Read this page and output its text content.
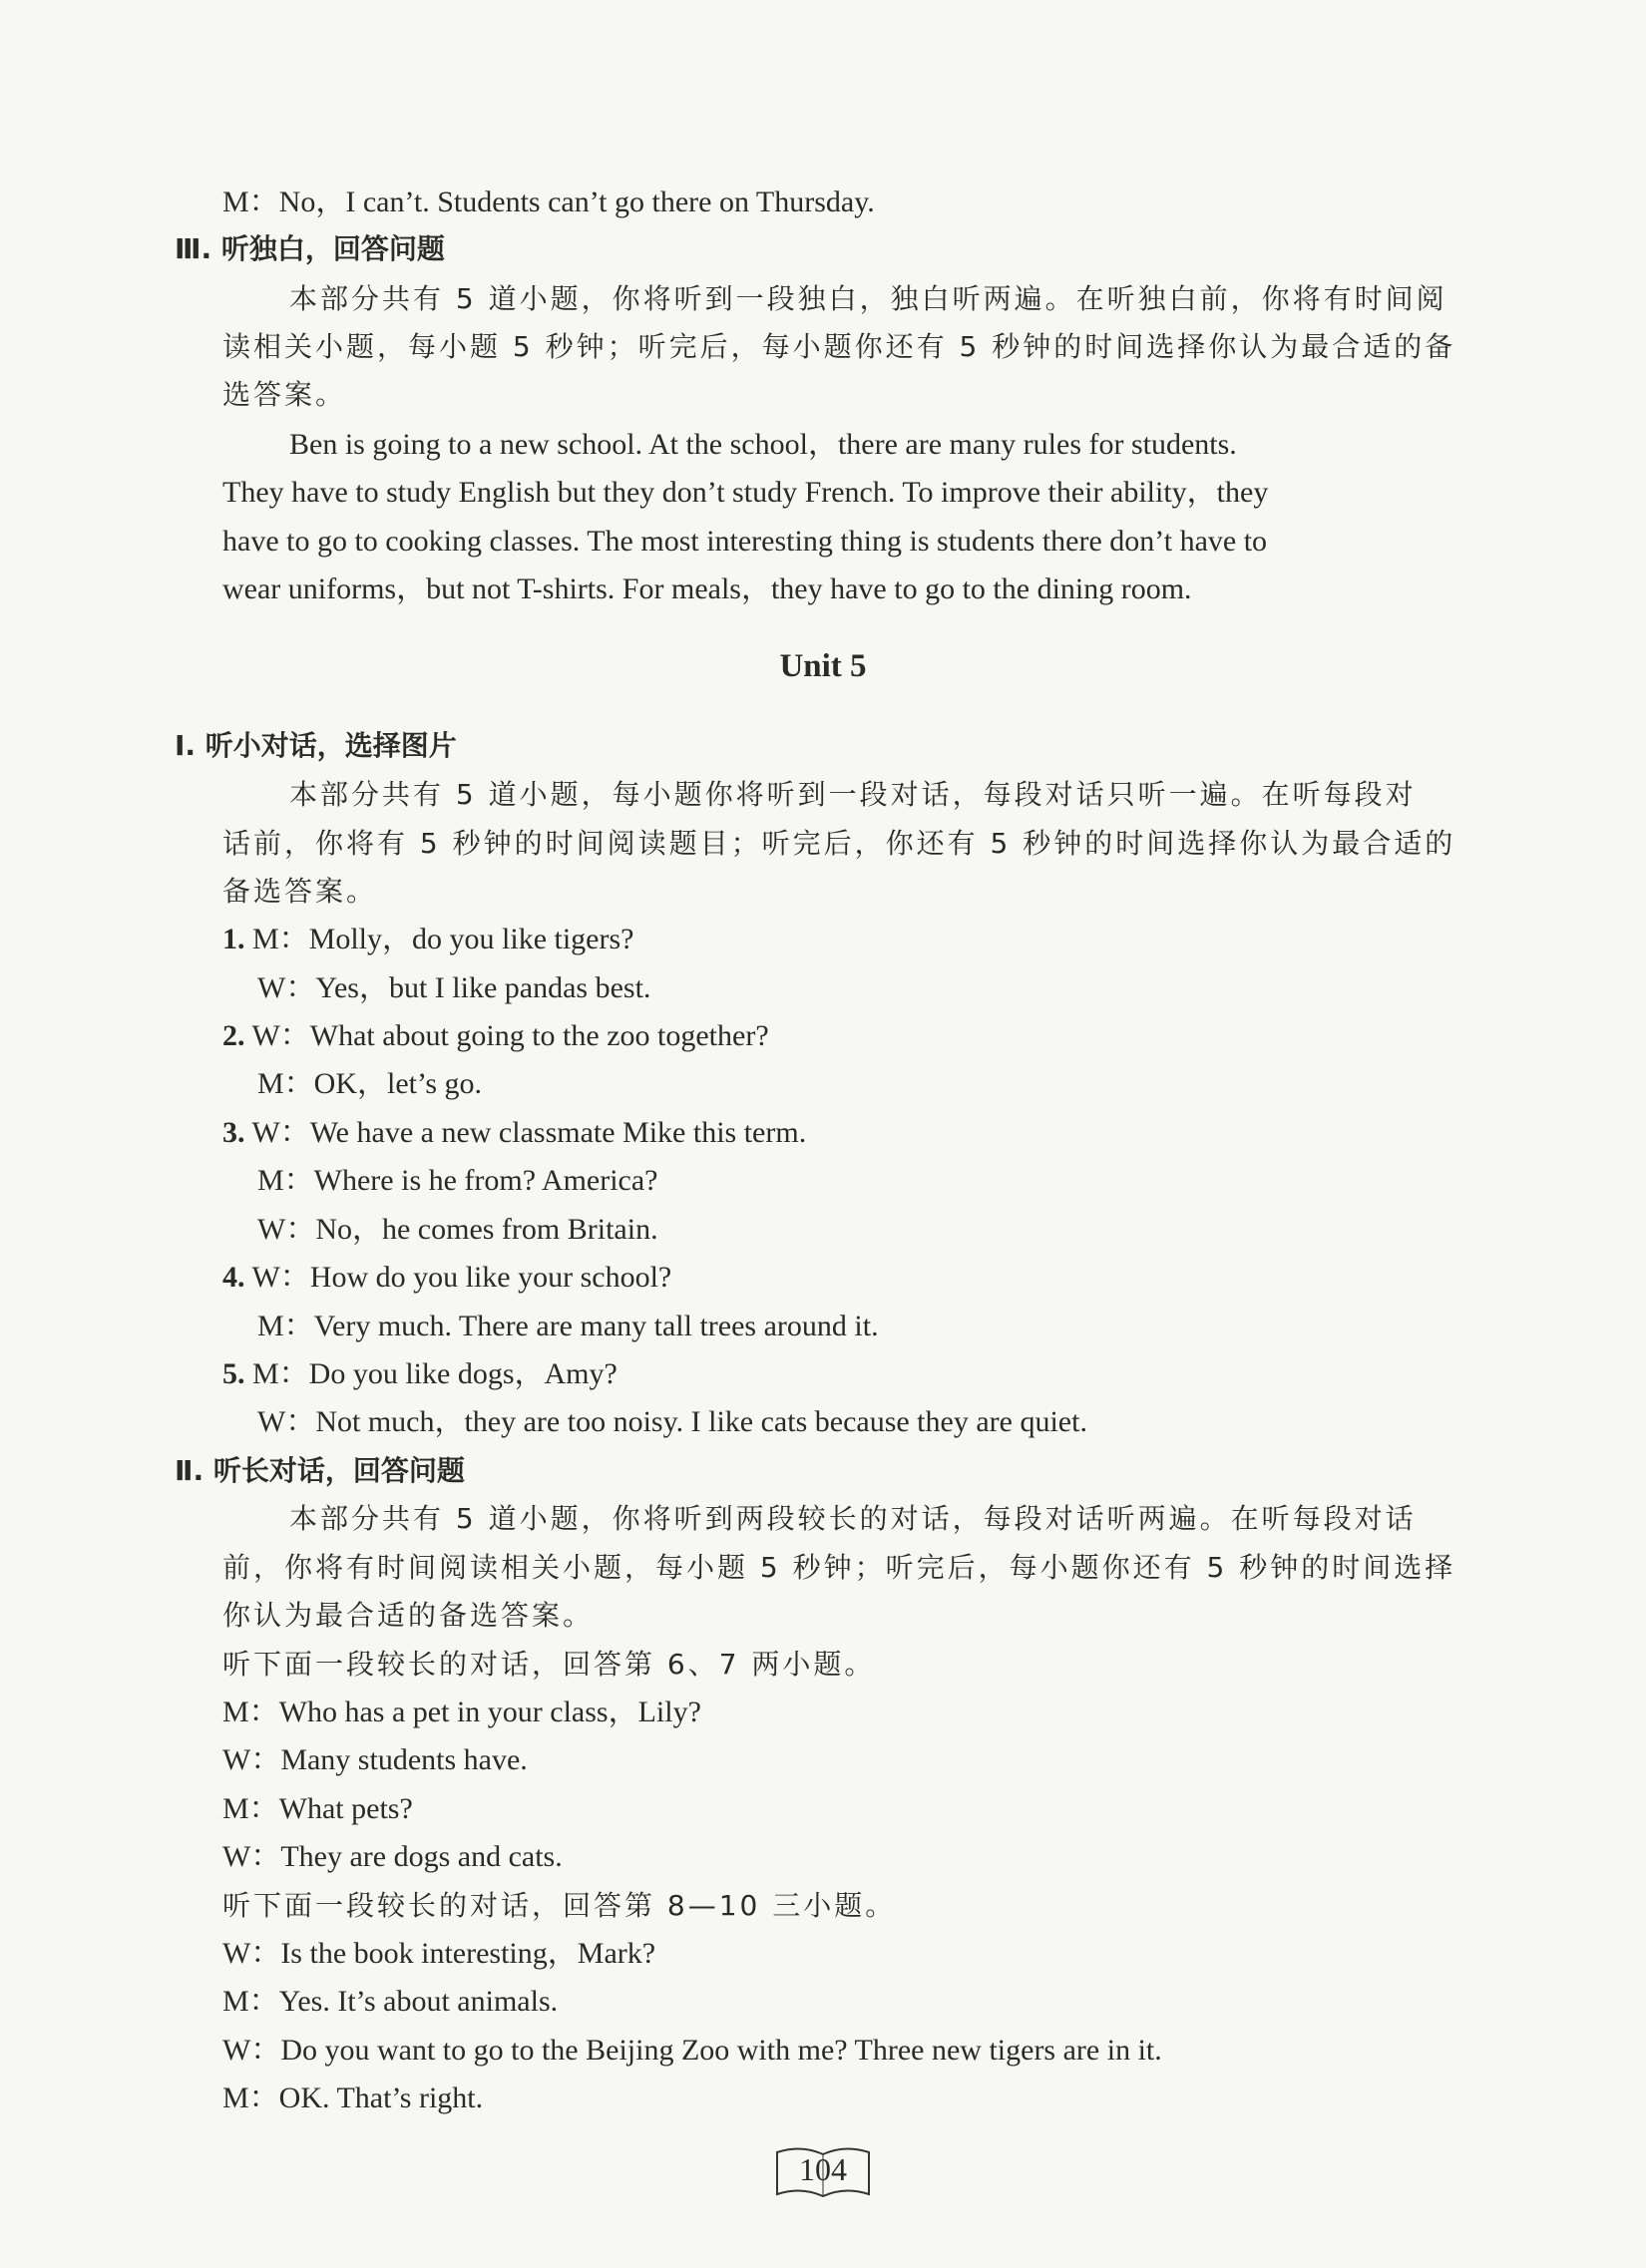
M：No，I can’t. Students can’t go there on Thursday.
Ⅲ. 听独白，回答问题
本部分共有 5 道小题，你将听到一段独白，独白听两遍。在听独白前，你将有时间阅
读相关小题，每小题 5 秒钟；听完后，每小题你还有 5 秒钟的时间选择你认为最合适的备
选答案。
Ben is going to a new school. At the school，there are many rules for students.
They have to study English but they don’t study French. To improve their ability，they
have to go to cooking classes. The most interesting thing is students there don’t have to
wear uniforms，but not T-shirts. For meals，they have to go to the dining room.
Unit 5
Ⅰ. 听小对话，选择图片
本部分共有 5 道小题，每小题你将听到一段对话，每段对话只听一遍。在听每段对
话前，你将有 5 秒钟的时间阅读题目；听完后，你还有 5 秒钟的时间选择你认为最合适的
备选答案。
1. M：Molly，do you like tigers?
W：Yes，but I like pandas best.
2. W：What about going to the zoo together?
M：OK，let’s go.
3. W：We have a new classmate Mike this term.
M：Where is he from? America?
W：No，he comes from Britain.
4. W：How do you like your school?
M：Very much. There are many tall trees around it.
5. M：Do you like dogs，Amy?
W：Not much，they are too noisy. I like cats because they are quiet.
Ⅱ. 听长对话，回答问题
本部分共有 5 道小题，你将听到两段较长的对话，每段对话听两遍。在听每段对话
前，你将有时间阅读相关小题，每小题 5 秒钟；听完后，每小题你还有 5 秒钟的时间选择
你认为最合适的备选答案。
听下面一段较长的对话，回答第 6、7 两小题。
M：Who has a pet in your class，Lily?
W：Many students have.
M：What pets?
W：They are dogs and cats.
听下面一段较长的对话，回答第 8—10 三小题。
W：Is the book interesting，Mark?
M：Yes. It’s about animals.
W：Do you want to go to the Beijing Zoo with me? Three new tigers are in it.
M：OK. That’s right.
104
